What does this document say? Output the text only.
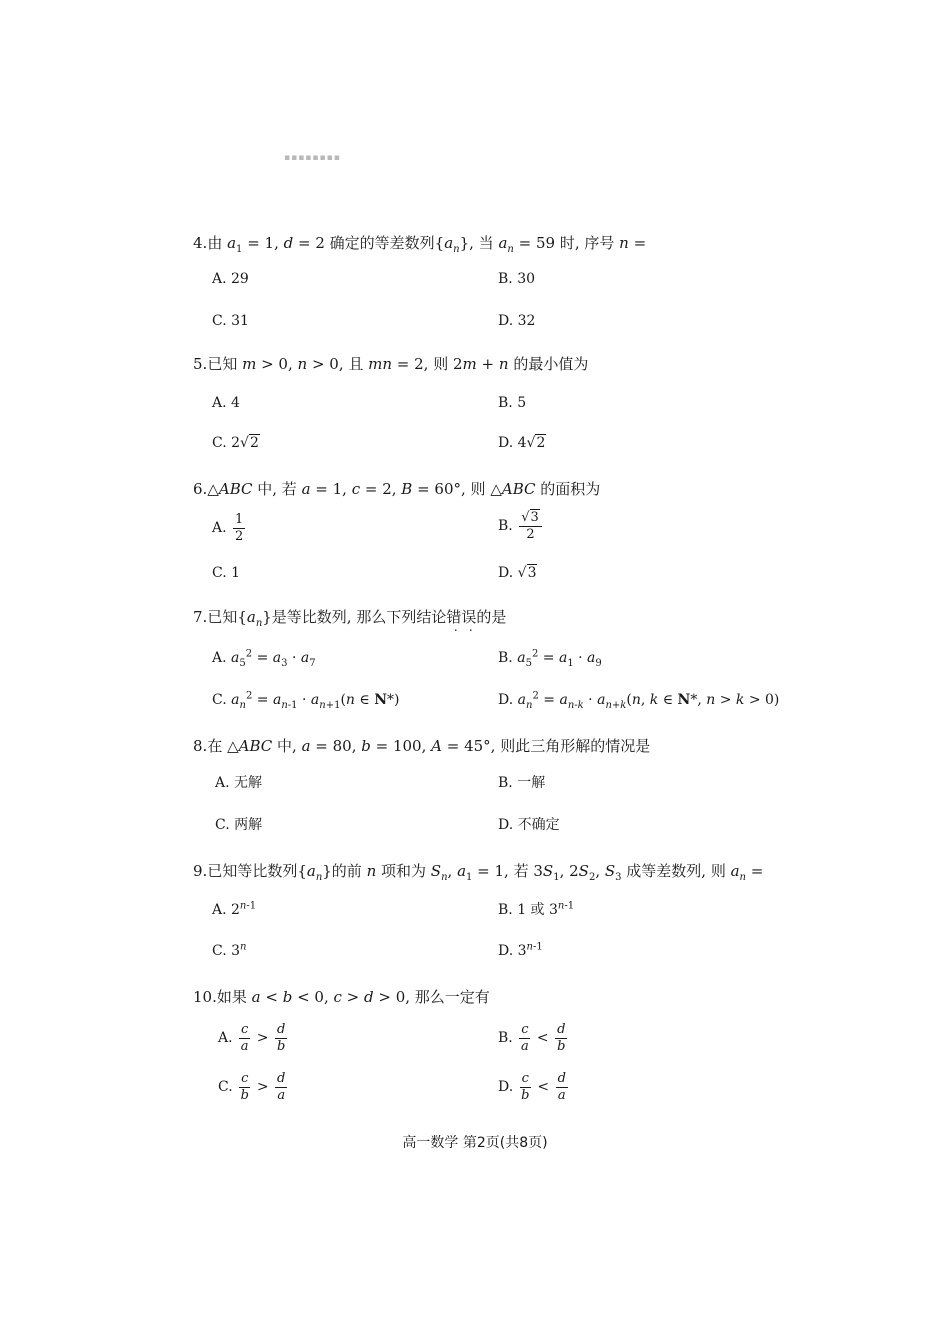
▪▪▪▪▪▪▪▪
4.由 $a_1 = 1$, d = 2 确定的等差数列$\{a_n\}$, 当 $a_n = 59$ 时, 序号 n =
A. 29	B. 30
C. 31	D. 32
5.已知 m > 0, n > 0, 且 mn = 2, 则 2m + n 的最小值为
A. 4	B. 5
C. 2√2	D. 4√2
6.△ABC 中, 若 a = 1, c = 2, B = 60°, 则 △ABC 的面积为
A. $\frac{1}{2}$	B. $\frac{√3}{2}$
C. 1	D. √3
7.已知$\{a_n\}$是等比数列, 那么下列结论错误的是
A. $a_5^2 = a_3 \cdot a_7$	B. $a_5^2 = a_1 \cdot a_9$
C. $a_n^2 = a_{n-1} \cdot a_{n+1}(n$ ∈ N*)	D. $a_n^2 = a_{n-k} \cdot a_{n+k}(n$, k ∈ N*, n > k > 0)
8.在 △ABC 中, a = 80, b = 100, A = 45°, 则此三角形解的情况是
A. 无解	B. 一解
C. 两解	D. 不确定
9.已知等比数列$\{a_n\}$的前 n 项和为 $S_n$, $a_1 = 1$, 若 $3S_1$, $2S_2$, $S_3$ 成等差数列, 则 $a_n$ =
A. 2$^{n-1}$	B. 1 或 3$^{n-1}$
C. 3$^n$	D. 3$^{n-1}$
10.如果 a < b < 0, c > d > 0, 那么一定有
A. $\frac{c}{a} > \frac{d}{b}$	B. $\frac{c}{a} < \frac{d}{b}$
C. $\frac{c}{b} > \frac{d}{a}$	D. $\frac{c}{b} < \frac{d}{a}$
高一数学 第2页(共8页)
